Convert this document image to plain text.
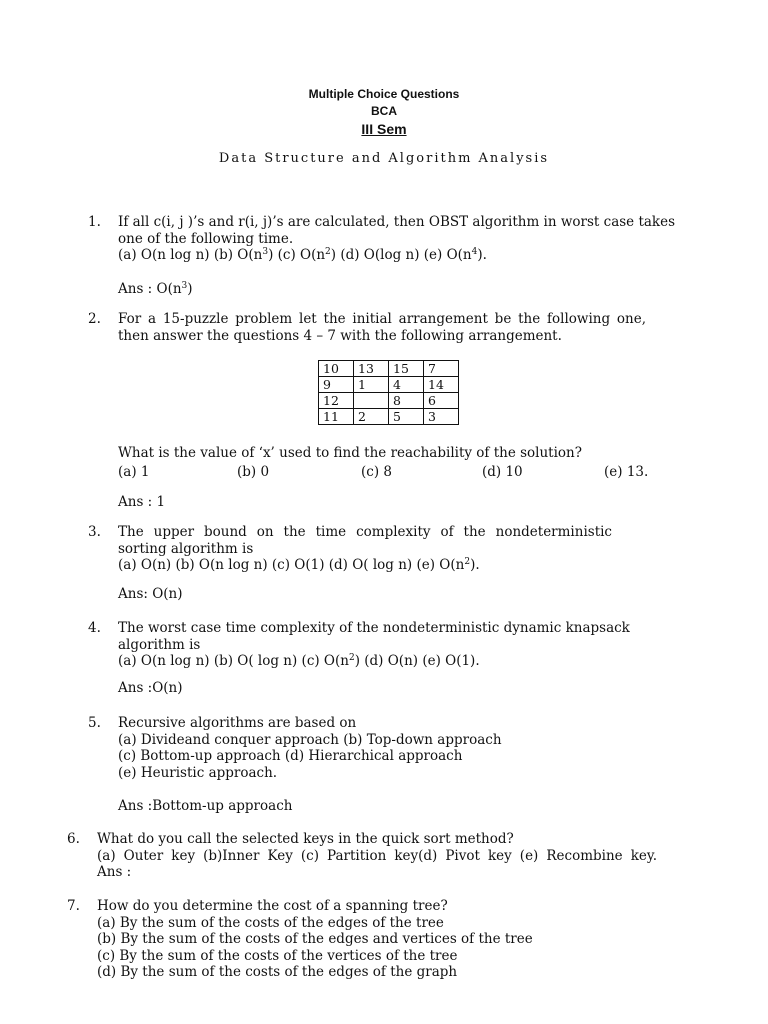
Multiple Choice Questions
BCA
III Sem
Data Structure and Algorithm Analysis
1.	If all c(i, j )’s and r(i, j)’s are calculated, then OBST algorithm in worst case takes
one of the following time.
(a) O(n log n) (b) $O(n^3)$ (c) $O(n^2)$ (d) O(log n) (e) $O(n^4)$.
Ans : $O(n^3)$
2.	For a 15-puzzle problem let the initial arrangement be the following one,
then answer the questions 4 – 7 with the following arrangement.
10	13	15	7
9	1	4	14
12		8	6
11	2	5	3
What is the value of ‘x’ used to find the reachability of the solution?
(a) 1	(b) 0	(c) 8	(d) 10	(e) 13.
Ans : 1
3.	The upper bound on the time complexity of the nondeterministic
sorting algorithm is
(a) O(n) (b) O(n log n) (c) O(1) (d) O( log n) (e) $O(n^2)$.
Ans: O(n)
4.	The worst case time complexity of the nondeterministic dynamic knapsack
algorithm is
(a) O(n log n) (b) O( log n) (c) $O(n^2)$ (d) O(n) (e) O(1).
Ans :O(n)
5.	Recursive algorithms are based on
(a) Divideand conquer approach (b) Top-down approach
(c) Bottom-up approach (d) Hierarchical approach
(e) Heuristic approach.
Ans :Bottom-up approach
6.	What do you call the selected keys in the quick sort method?
(a) Outer key (b)Inner Key (c) Partition key(d) Pivot key (e) Recombine key.
Ans :
7.	How do you determine the cost of a spanning tree?
(a) By the sum of the costs of the edges of the tree
(b) By the sum of the costs of the edges and vertices of the tree
(c) By the sum of the costs of the vertices of the tree
(d) By the sum of the costs of the edges of the graph
